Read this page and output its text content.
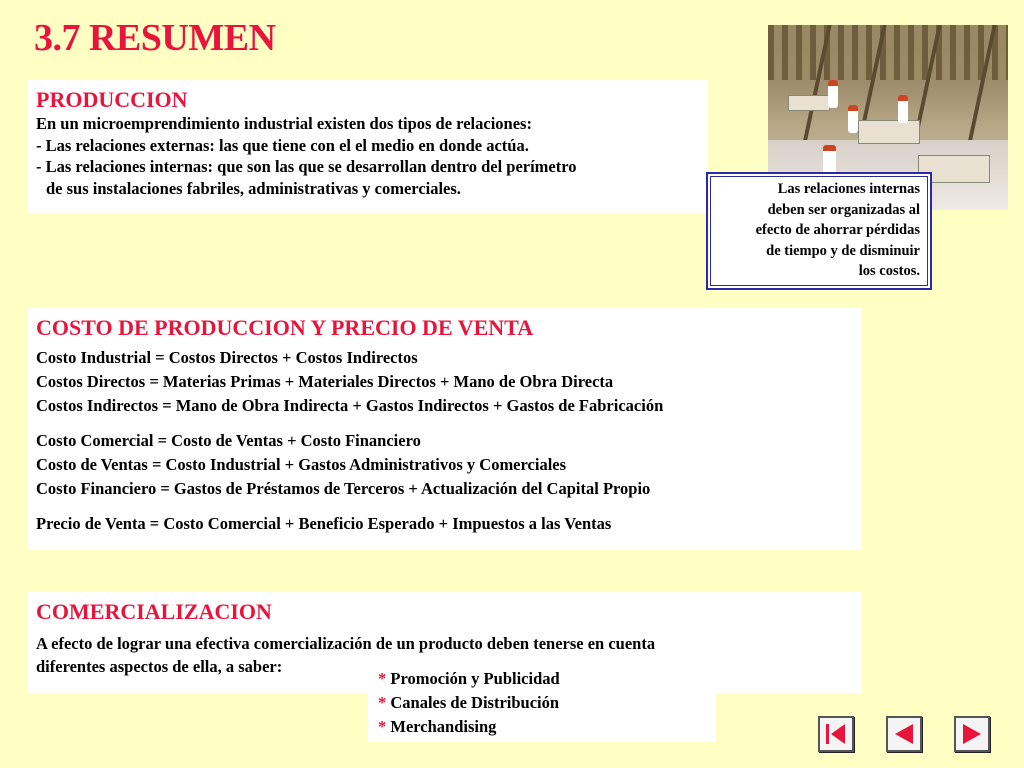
3.7 RESUMEN
PRODUCCION
En un microemprendimiento industrial existen dos tipos de relaciones:
- Las relaciones externas: las que tiene con el el medio en donde actúa.
- Las relaciones internas: que son las que se desarrollan dentro del perímetro
de sus instalaciones fabriles, administrativas y comerciales.	Las relaciones internas
deben ser organizadas al
efecto de ahorrar pérdidas
de tiempo y de disminuir
los costos.
COSTO DE PRODUCCION Y PRECIO DE VENTA
Costo Industrial = Costos Directos + Costos Indirectos
Costos Directos = Materias Primas + Materiales Directos + Mano de Obra Directa
Costos Indirectos = Mano de Obra Indirecta + Gastos Indirectos + Gastos de Fabricación
Costo Comercial = Costo de Ventas + Costo Financiero
Costo de Ventas = Costo Industrial + Gastos Administrativos y Comerciales
Costo Financiero = Gastos de Préstamos de Terceros + Actualización del Capital Propio
Precio de Venta = Costo Comercial + Beneficio Esperado + Impuestos a las Ventas
COMERCIALIZACION
A efecto de lograr una efectiva comercialización de un producto deben tenerse en cuenta
diferentes aspectos de ella, a saber:
* Promoción y Publicidad
* Canales de Distribución
* Merchandising
